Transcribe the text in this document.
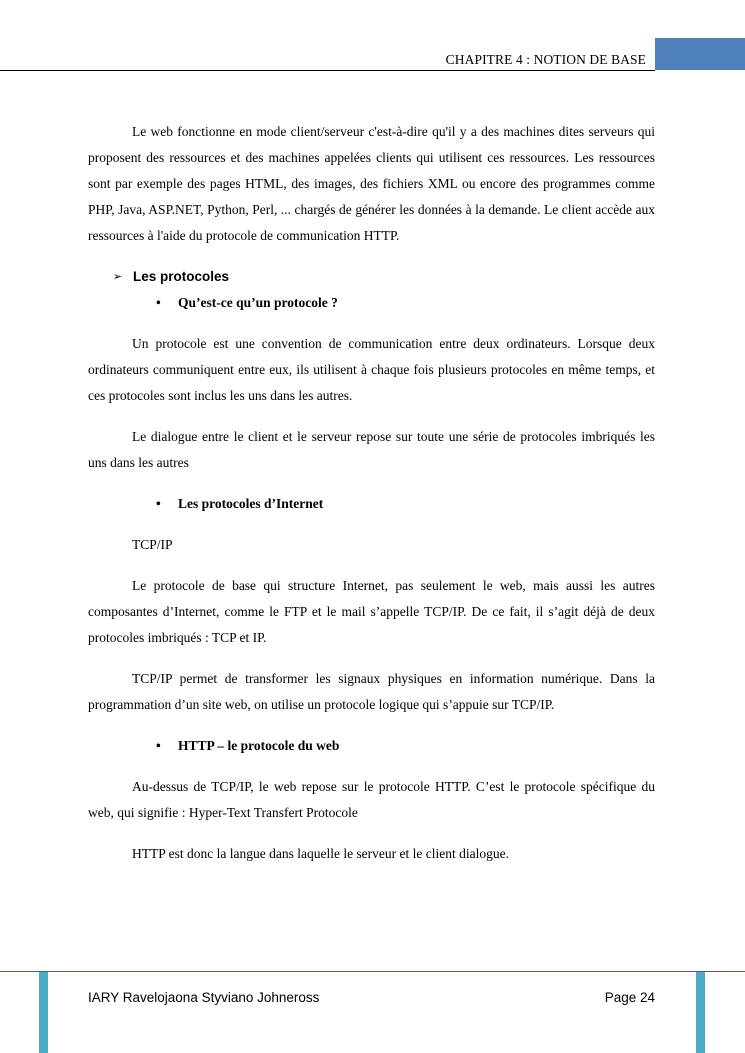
CHAPITRE 4 : NOTION DE BASE

Le web fonctionne en mode client/serveur c'est-à-dire qu'il y a des machines dites serveurs qui proposent des ressources et des machines appelées clients qui utilisent ces ressources. Les ressources sont par exemple des pages HTML, des images, des fichiers XML ou encore des programmes comme PHP, Java, ASP.NET, Python, Perl, ... chargés de générer les données à la demande. Le client accède aux ressources à l'aide du protocole de communication HTTP.

➢ Les protocoles
• Qu’est-ce qu’un protocole ?

Un protocole est une convention de communication entre deux ordinateurs. Lorsque deux ordinateurs communiquent entre eux, ils utilisent à chaque fois plusieurs protocoles en même temps, et ces protocoles sont inclus les uns dans les autres.

Le dialogue entre le client et le serveur repose sur toute une série de protocoles imbriqués les uns dans les autres

• Les protocoles d’Internet

TCP/IP

Le protocole de base qui structure Internet, pas seulement le web, mais aussi les autres composantes d’Internet, comme le FTP et le mail s’appelle TCP/IP. De ce fait, il s’agit déjà de deux protocoles imbriqués : TCP et IP.

TCP/IP permet de transformer les signaux physiques en information numérique. Dans la programmation d’un site web, on utilise un protocole logique qui s’appuie sur TCP/IP.

• HTTP – le protocole du web

Au-dessus de TCP/IP, le web repose sur le protocole HTTP. C’est le protocole spécifique du web, qui signifie : Hyper-Text Transfert Protocole

HTTP est donc la langue dans laquelle le serveur et le client dialogue.

IARY Ravelojaona Styviano Johneross	Page 24
